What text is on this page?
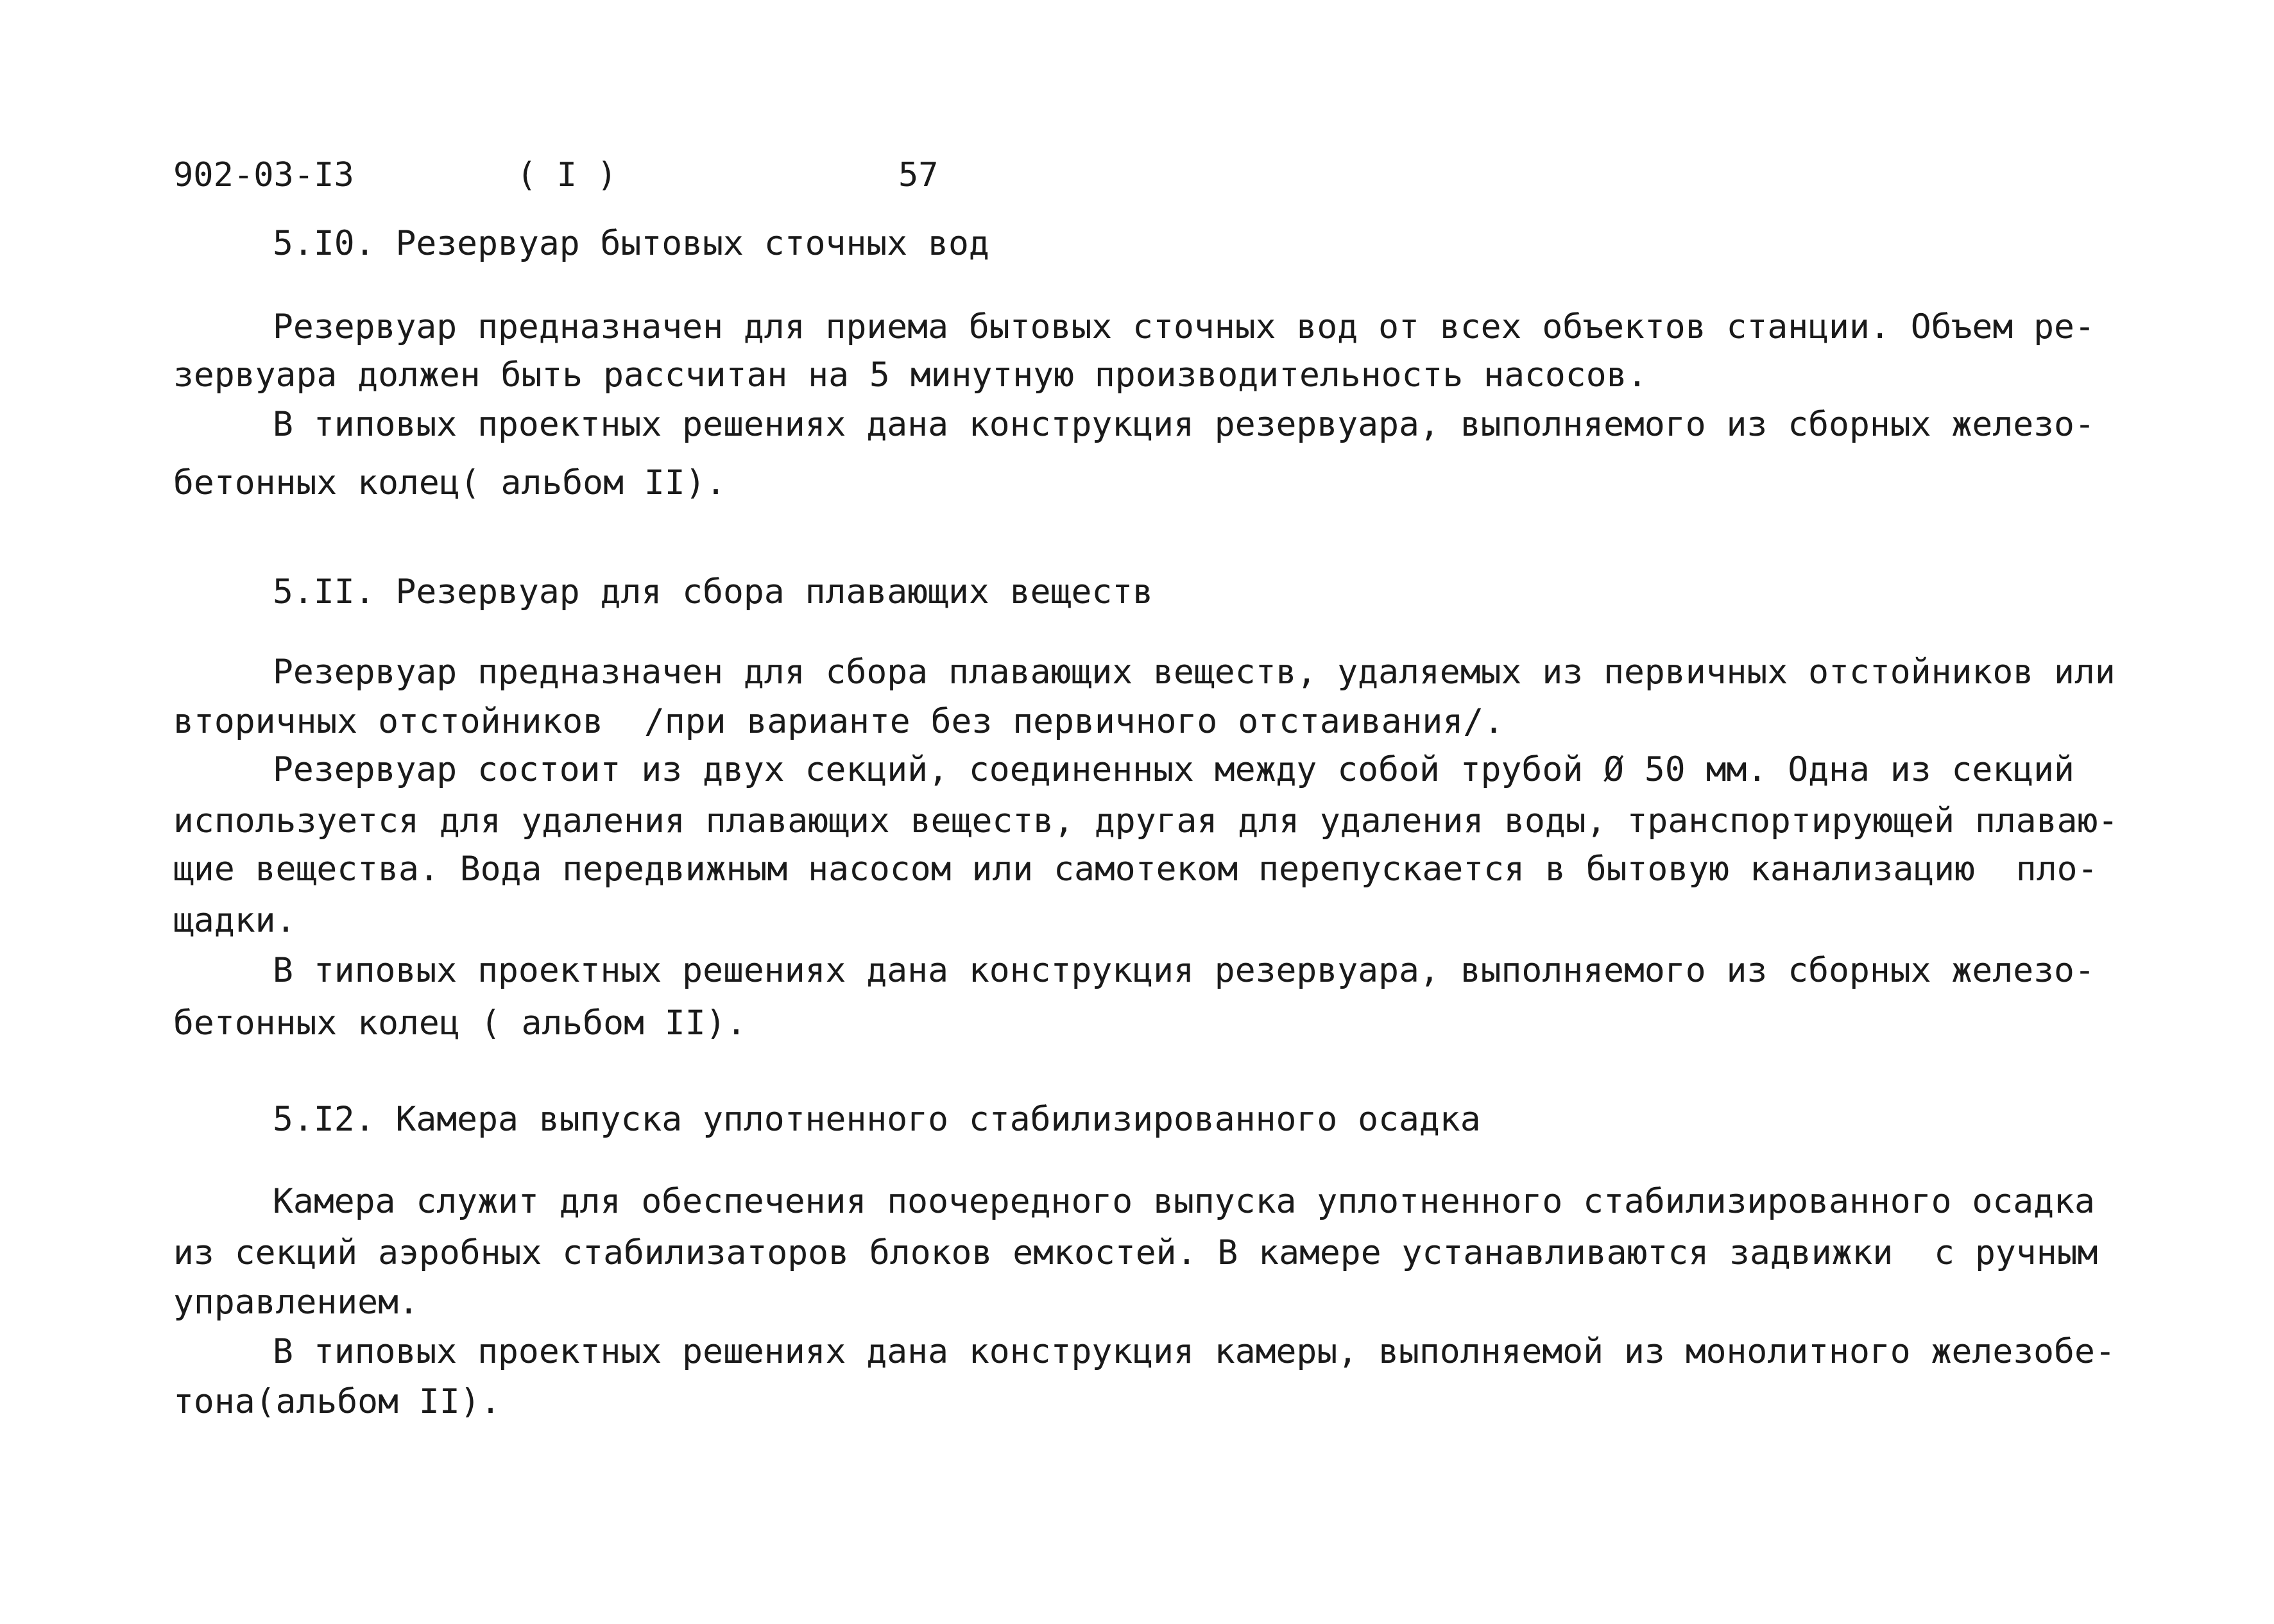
902-03-I3	( I )	57
5.I0. Резервуар бытовых сточных вод
Резервуар предназначен для приема бытовых сточных вод от всех объектов станции. Объем ре-
зервуара должен быть рассчитан на 5 минутную производительность насосов.
В типовых проектных решениях дана конструкция резервуара, выполняемого из сборных железо-
бетонных колец( альбом II).
5.II. Резервуар для сбора плавающих веществ
Резервуар предназначен для сбора плавающих веществ, удаляемых из первичных отстойников или
вторичных отстойников  /при варианте без первичного отстаивания/.
Резервуар состоит из двух секций, соединенных между собой трубой Ø 50 мм. Одна из секций
используется для удаления плавающих веществ, другая для удаления воды, транспортирующей плаваю-
щие вещества. Вода передвижным насосом или самотеком перепускается в бытовую канализацию  пло-
щадки.
В типовых проектных решениях дана конструкция резервуара, выполняемого из сборных железо-
бетонных колец ( альбом II).
5.I2. Камера выпуска уплотненного стабилизированного осадка
Камера служит для обеспечения поочередного выпуска уплотненного стабилизированного осадка
из секций аэробных стабилизаторов блоков емкостей. В камере устанавливаются задвижки  с ручным
управлением.
В типовых проектных решениях дана конструкция камеры, выполняемой из монолитного железобе-
тона(альбом II).
